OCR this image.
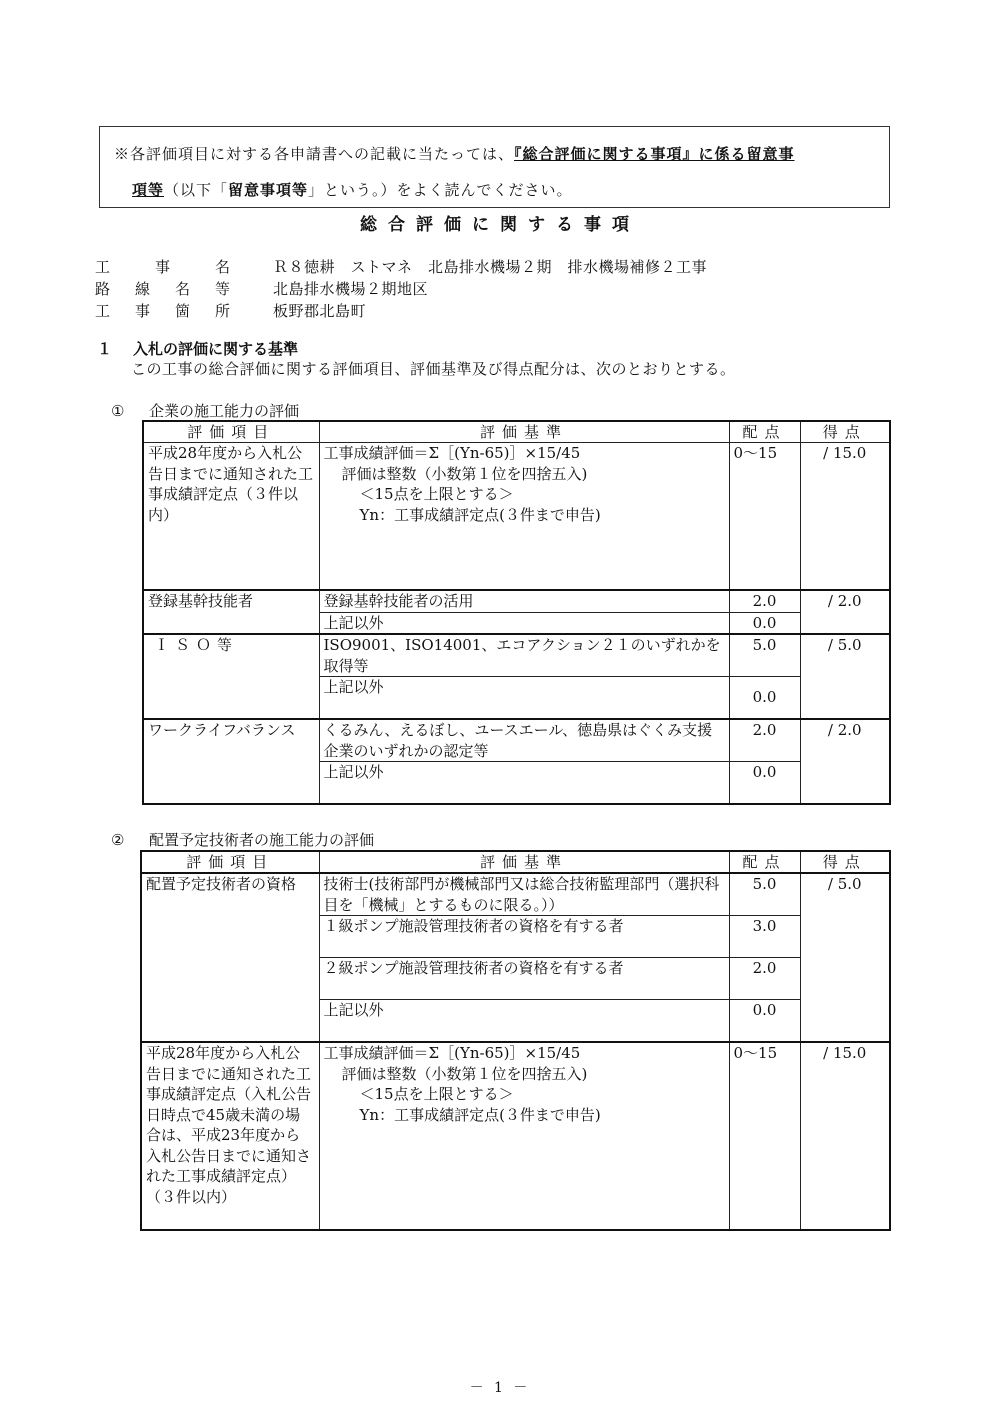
※各評価項目に対する各申請書への記載に当たっては、『総合評価に関する事項』に係る留意事
項等（以下「留意事項等」という。）をよく読んでください。
総合評価に関する事項
工	事	名	Ｒ８徳耕　ストマネ　北島排水機場２期　排水機場補修２工事
路 線 名 等	北島排水機場２期地区
工 事 箇 所	板野郡北島町
１ 入札の評価に関する基準
この工事の総合評価に関する評価項目、評価基準及び得点配分は、次のとおりとする。
① 企業の施工能力の評価
評価項目	評価基準	配点	得点
平成28年度から入札公告日までに通知された工事成績評定点（３件以内）	工事成績評価＝Σ［(Yn-65)］×15/45
評価は整数（小数第１位を四捨五入)
＜15点を上限とする＞
Yn：工事成績評定点(３件まで申告)	0～15	/ 15.0
登録基幹技能者	登録基幹技能者の活用	2.0	/ 2.0
	上記以外	0.0	
ＩＳＯ等	ISO9001、ISO14001、エコアクション２１のいずれかを取得等	5.0	/ 5.0
	上記以外	0.0	
ワークライフバランス	くるみん、えるぼし、ユースエール、徳島県はぐくみ支援企業のいずれかの認定等	2.0	/ 2.0
	上記以外	0.0	
② 配置予定技術者の施工能力の評価
評価項目	評価基準	配点	得点
配置予定技術者の資格	技術士(技術部門が機械部門又は総合技術監理部門（選択科目を「機械」とするものに限る。））	5.0	/ 5.0
	１級ポンプ施設管理技術者の資格を有する者	3.0	
	２級ポンプ施設管理技術者の資格を有する者	2.0	
	上記以外	0.0	
平成28年度から入札公告日までに通知された工事成績評定点（入札公告日時点で45歳未満の場合は、平成23年度から入札公告日までに通知された工事成績評定点）（３件以内）	工事成績評価＝Σ［(Yn-65)］×15/45
評価は整数（小数第１位を四捨五入)
＜15点を上限とする＞
Yn：工事成績評定点(３件まで申告)	0～15	/ 15.0
－ 1 －
